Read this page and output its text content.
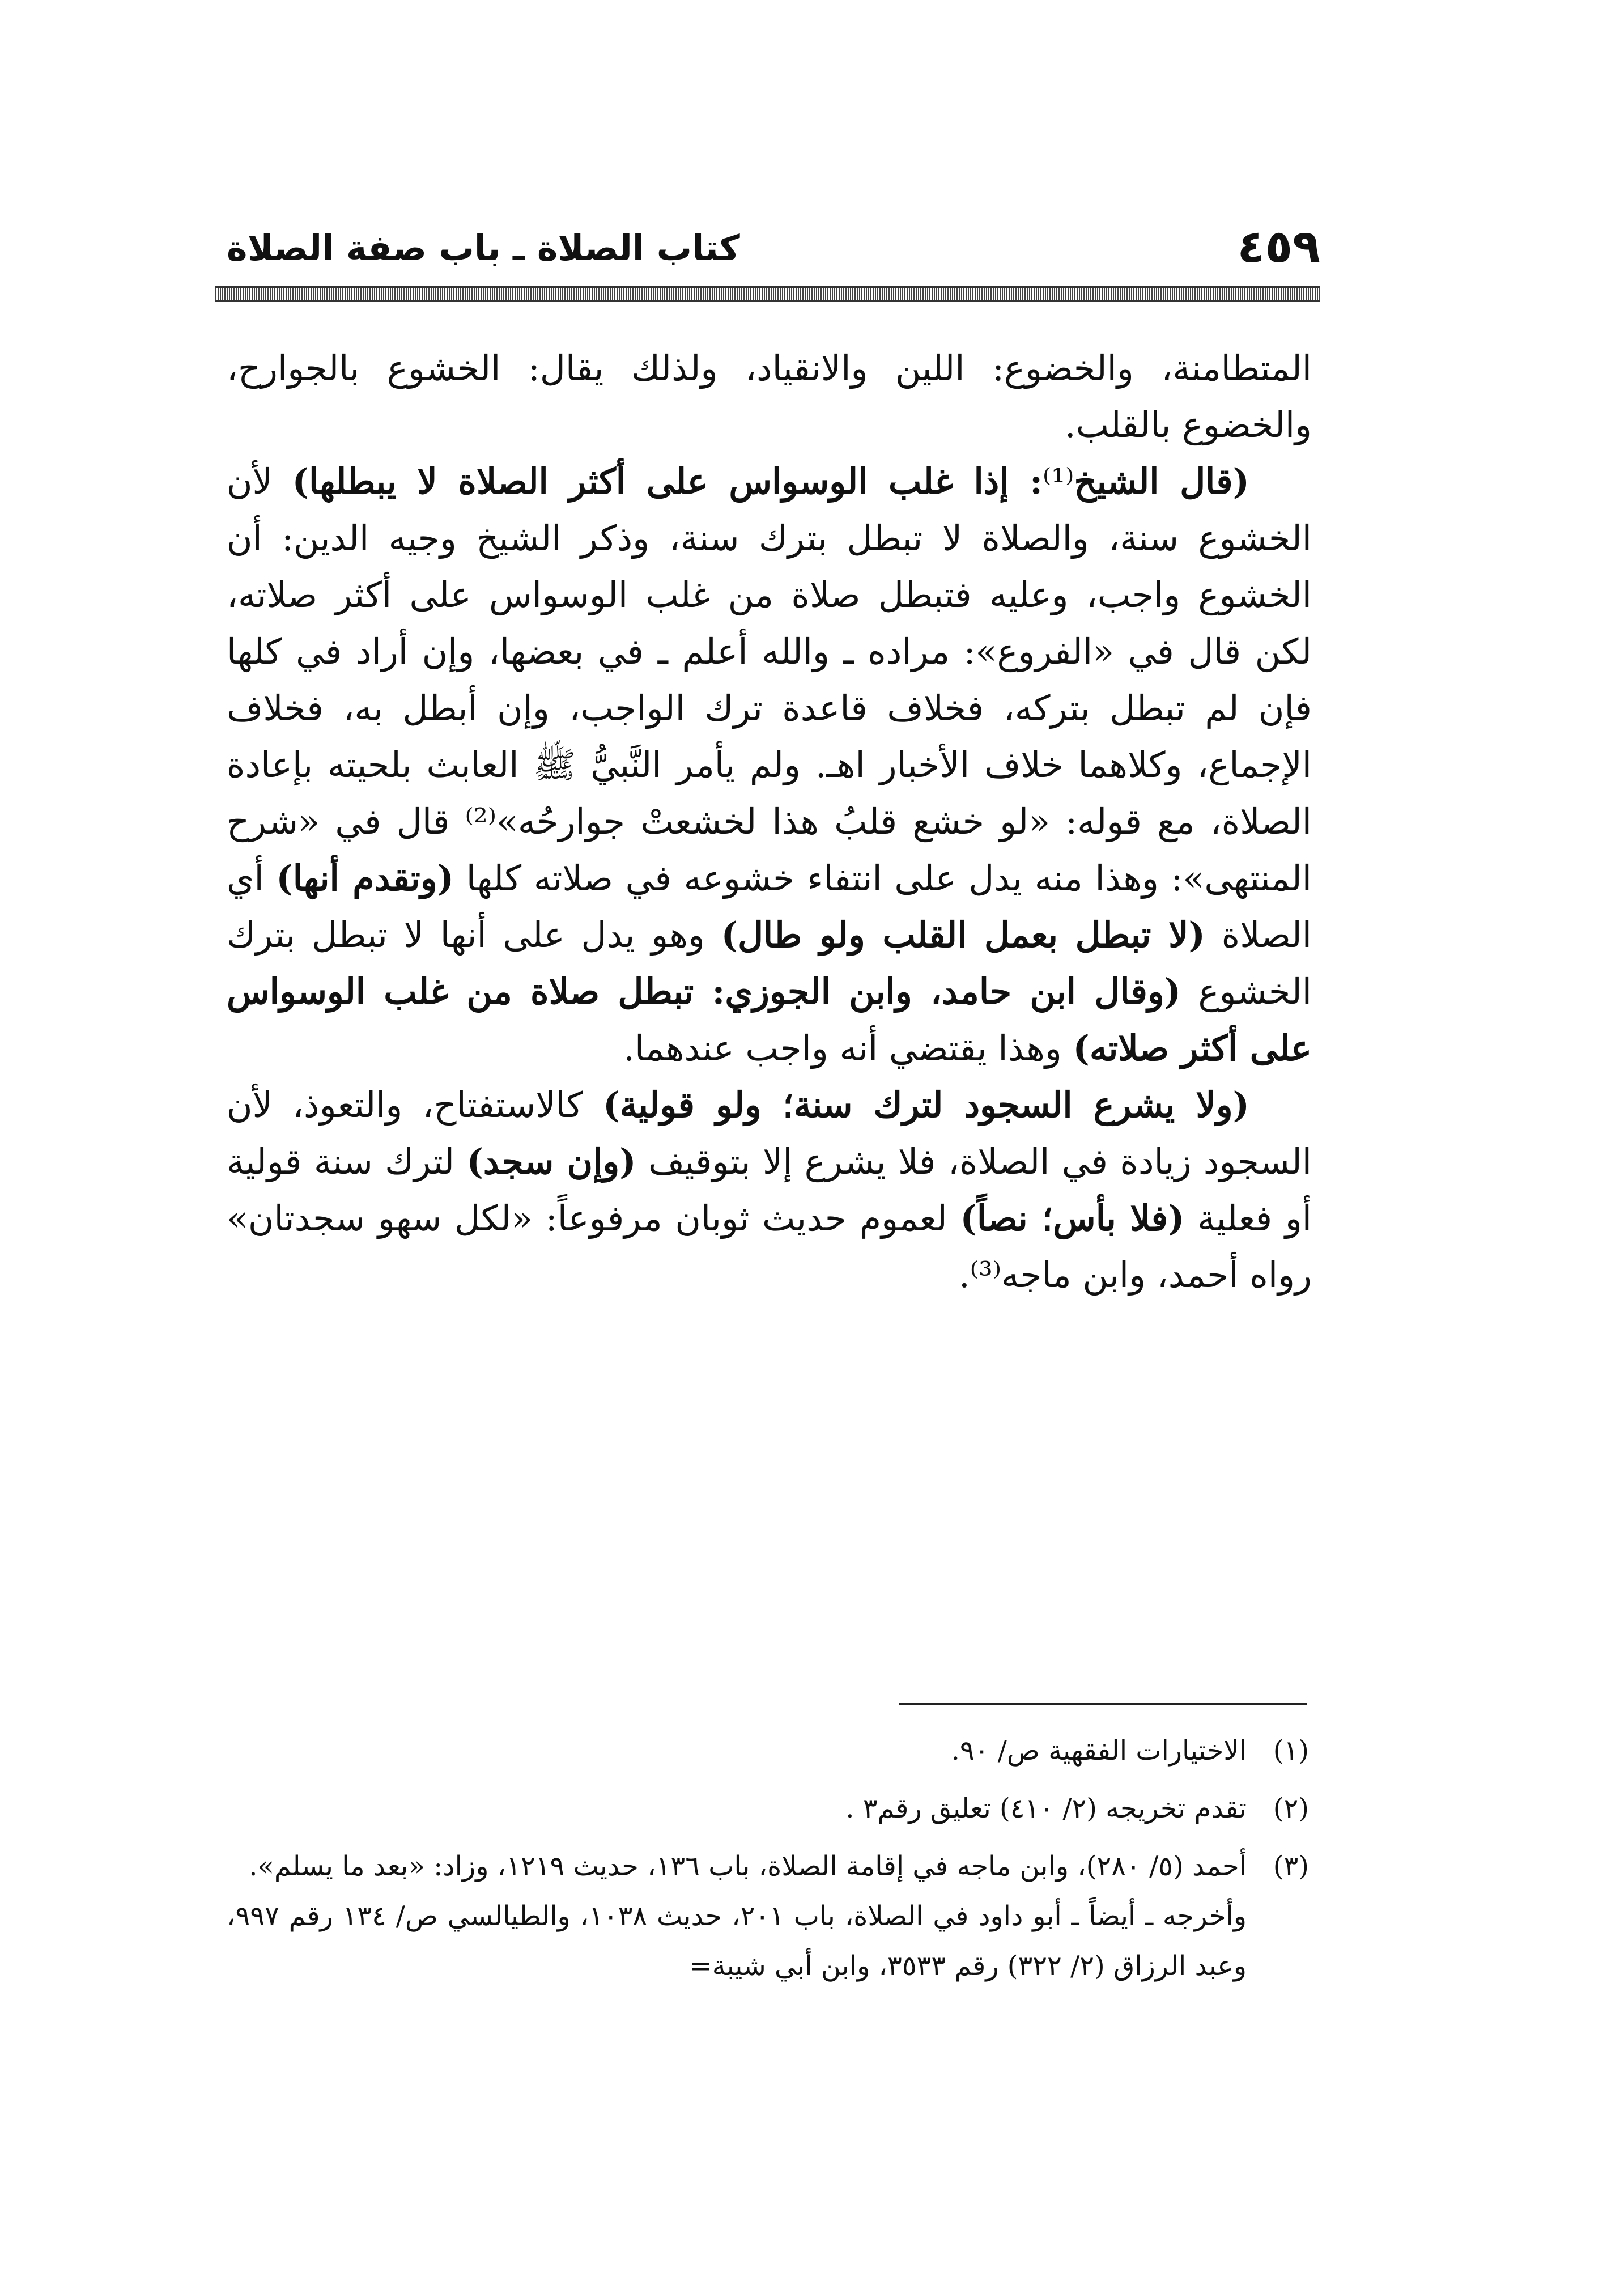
٤٥٩
كتاب الصلاة ـ باب صفة الصلاة

المتطامنة، والخضوع: اللين والانقياد، ولذلك يقال: الخشوع بالجوارح، والخضوع بالقلب.

(قال الشيخ⁽¹⁾: إذا غلب الوسواس على أكثر الصلاة لا يبطلها) لأن الخشوع سنة، والصلاة لا تبطل بترك سنة، وذكر الشيخ وجيه الدين: أن الخشوع واجب، وعليه فتبطل صلاة من غلب الوسواس على أكثر صلاته، لكن قال في «الفروع»: مراده ـ والله أعلم ـ في بعضها، وإن أراد في كلها فإن لم تبطل بتركه، فخلاف قاعدة ترك الواجب، وإن أبطل به، فخلاف الإجماع، وكلاهما خلاف الأخبار اهـ. ولم يأمر النَّبيُّ ﷺ العابث بلحيته بإعادة الصلاة، مع قوله: «لو خشع قلبُ هذا لخشعتْ جوارحُه»⁽²⁾ قال في «شرح المنتهى»: وهذا منه يدل على انتفاء خشوعه في صلاته كلها (وتقدم أنها) أي الصلاة (لا تبطل بعمل القلب ولو طال) وهو يدل على أنها لا تبطل بترك الخشوع (وقال ابن حامد، وابن الجوزي: تبطل صلاة من غلب الوسواس على أكثر صلاته) وهذا يقتضي أنه واجب عندهما.

(ولا يشرع السجود لترك سنة؛ ولو قولية) كالاستفتاح، والتعوذ، لأن السجود زيادة في الصلاة، فلا يشرع إلا بتوقيف (وإن سجد) لترك سنة قولية أو فعلية (فلا بأس؛ نصاً) لعموم حديث ثوبان مرفوعاً: «لكل سهو سجدتان» رواه أحمد، وابن ماجه⁽³⁾.

(١)
الاختيارات الفقهية ص/ ٩٠.
(٢)
تقدم تخريجه (٢/ ٤١٠) تعليق رقم٣ .
(٣)
أحمد (٥/ ٢٨٠)، وابن ماجه في إقامة الصلاة، باب ١٣٦، حديث ١٢١٩، وزاد: «بعد ما يسلم».
وأخرجه ـ أيضاً ـ أبو داود في الصلاة، باب ٢٠١، حديث ١٠٣٨، والطيالسي ص/ ١٣٤ رقم ٩٩٧، وعبد الرزاق (٢/ ٣٢٢) رقم ٣٥٣٣، وابن أبي شيبة=
